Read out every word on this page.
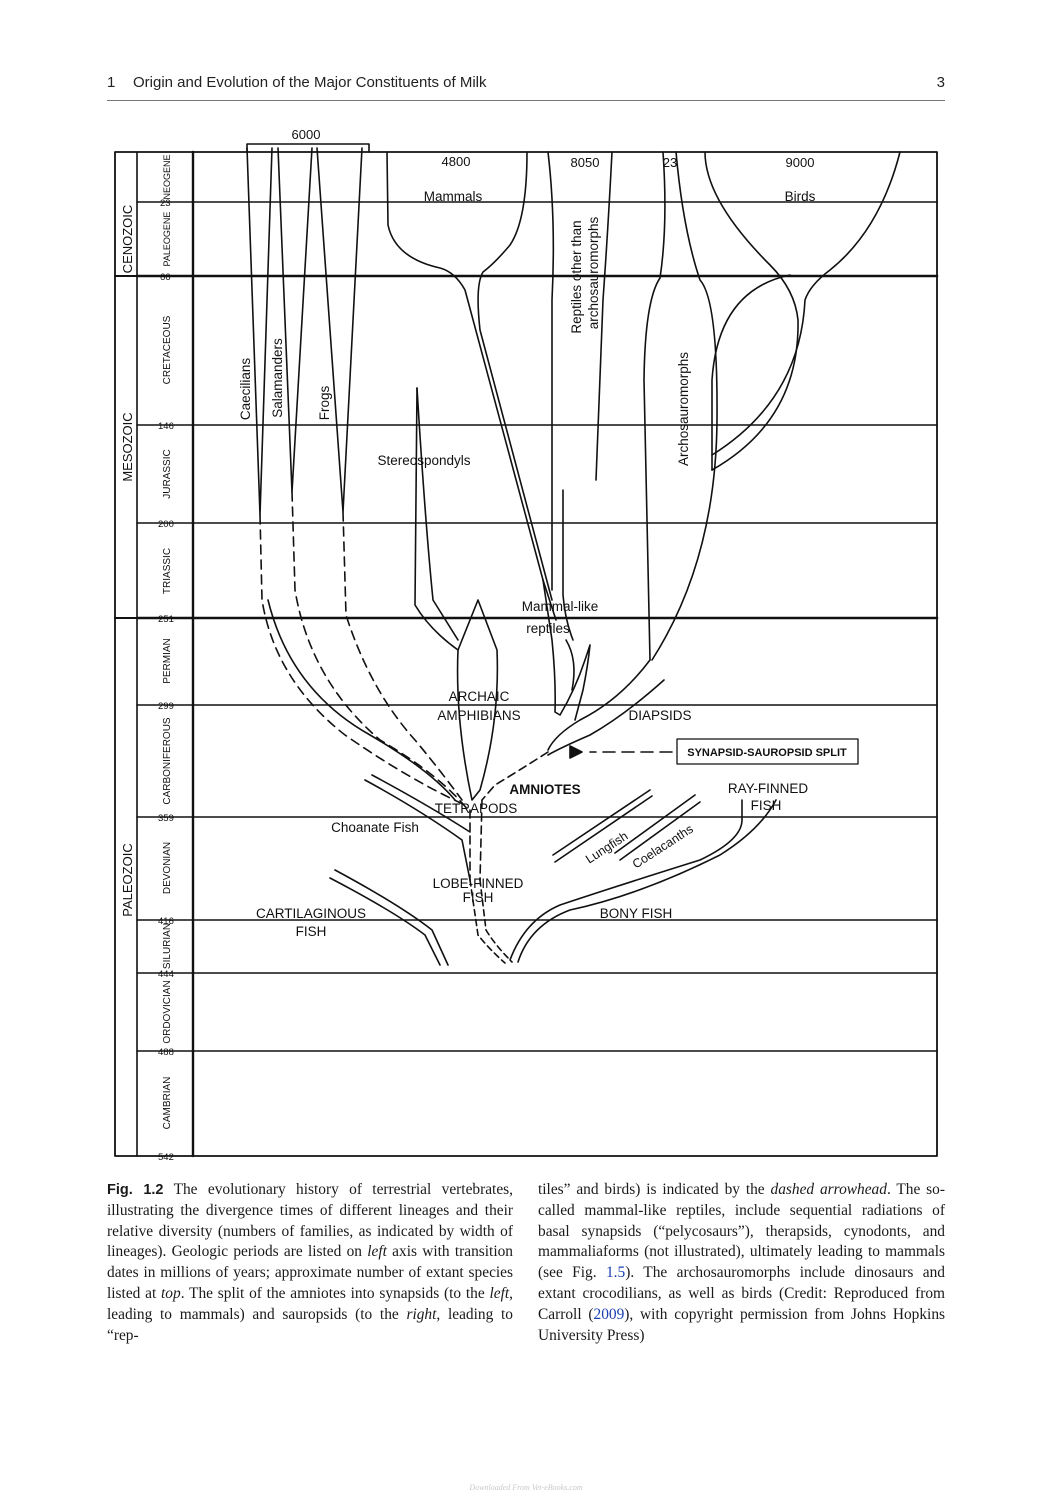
1 Origin and Evolution of the Major Constituents of Milk	3
CENOZOIC
MESOZOIC
PALEOZOIC
NEOGENE
PALEOGENE
CRETACEOUS
JURASSIC
TRIASSIC
PERMIAN
CARBONIFEROUS
DEVONIAN
SILURIAN
ORDOVICIAN
CAMBRIAN
23
66
146
200
251
299
359
416
444
488
542
6000
4800	8050	23	9000
Mammals	Birds
Caecilians Salamanders Frogs
Stereospondyls
Reptiles other than archosauromorphs
Archosauromorphs
Mammal-like
reptiles
ARCHAIC
AMPHIBIANS	DIAPSIDS
AMNIOTES
TETRAPODS
Choanate Fish
RAY-FINNED
FISH
Lungfish Coelacanths
LOBE-FINNED
FISH
CARTILAGINOUS
FISH
BONY FISH
SYNAPSID-SAUROPSID SPLIT
Fig. 1.2 The evolutionary history of terrestrial vertebrates, illustrating the divergence times of different lineages and their relative diversity (numbers of families, as indicated by width of lineages). Geologic periods are listed on left axis with transition dates in millions of years; approximate number of extant species listed at top. The split of the amniotes into synapsids (to the left, leading to mammals) and sauropsids (to the right, leading to “rep-
tiles” and birds) is indicated by the dashed arrowhead. The so-called mammal-like reptiles, include sequential radiations of basal synapsids (“pelycosaurs”), therapsids, cynodonts, and mammaliaforms (not illustrated), ultimately leading to mammals (see Fig. 1.5). The archosauromorphs include dinosaurs and extant crocodilians, as well as birds (Credit: Reproduced from Carroll (2009), with copyright permission from Johns Hopkins University Press)
Downloaded From Vet-eBooks.com
